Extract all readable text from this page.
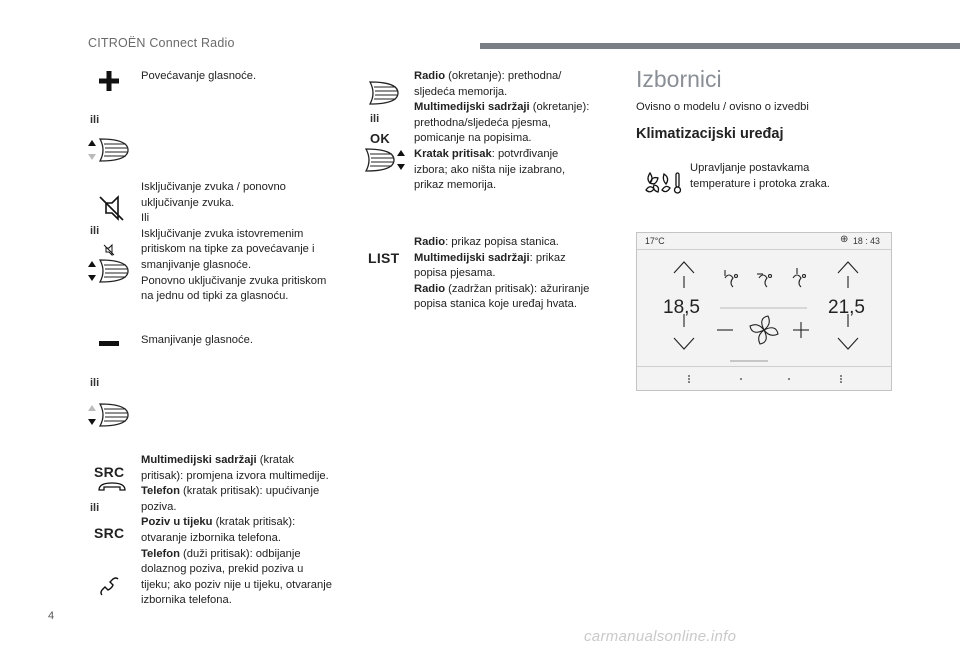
CITROËN Connect Radio
Povećavanje glasnoće.
ili
ili
Isključivanje zvuka / ponovno
uključivanje zvuka.
Ili
Isključivanje zvuka istovremenim
pritiskom na tipke za povećavanje i
smanjivanje glasnoće.
Ponovno uključivanje zvuka pritiskom
na jednu od tipki za glasnoću.
Smanjivanje glasnoće.
ili
SRC
ili
SRC
Multimedijski sadržaji (kratak
pritisak): promjena izvora multimedije.
Telefon (kratak pritisak): upućivanje
poziva.
Poziv u tijeku (kratak pritisak):
otvaranje izbornika telefona.
Telefon (duži pritisak): odbijanje
dolaznog poziva, prekid poziva u
tijeku; ako poziv nije u tijeku, otvaranje
izbornika telefona.
ili
OK
Radio (okretanje): prethodna/
sljedeća memorija.
Multimedijski sadržaji (okretanje):
prethodna/sljedeća pjesma,
pomicanje na popisima.
Kratak pritisak: potvrđivanje
izbora; ako ništa nije izabrano,
prikaz memorija.
LIST
Radio: prikaz popisa stanica.
Multimedijski sadržaji: prikaz
popisa pjesama.
Radio (zadržan pritisak): ažuriranje
popisa stanica koje uređaj hvata.
Izbornici
Ovisno o modelu / ovisno o izvedbi
Klimatizacijski uređaj
Upravljanje postavkama
temperature i protoka zraka.
17°C	⊕ 18 : 43
18,5	21,5
4
carmanualsonline.info
